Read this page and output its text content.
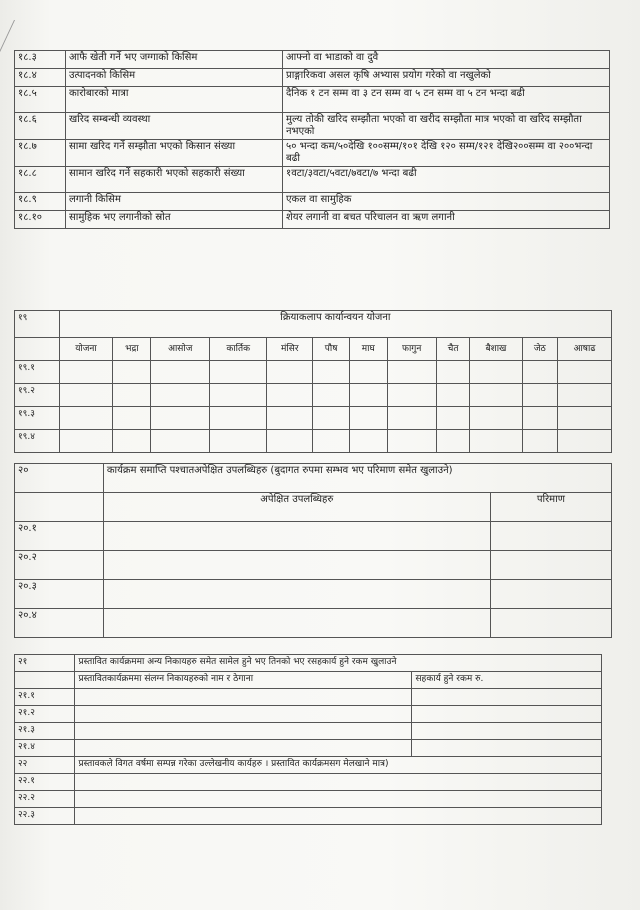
१८.३	आफै खेती गर्ने भए जग्गाको किसिम	आफ्नो वा भाडाको वा दुवै
१८.४	उत्पादनको किसिम	प्राङ्गारिकवा असल कृषि अभ्यास प्रयोग गरेको वा नखुलेको
१८.५	कारोबारको मात्रा	दैनिक १ टन सम्म वा ३ टन सम्म वा ५ टन सम्म वा ५ टन भन्दा बढी
१८.६	खरिद सम्बन्धी व्यवस्था	मुल्य तोकी खरिद सम्झौता भएको वा खरीद सम्झौता मात्र भएको वा खरिद सम्झौता नभएको
१८.७	सामा खरिद गर्ने सम्झौता भएको किसान संख्या	५० भन्दा कम/५०देखि १००सम्म/१०१ देखि १२० सम्म/१२१ देखि२००सम्म वा २००भन्दा बढी
१८.८	सामान खरिद गर्ने सहकारी भएको सहकारी संख्या	१वटा/३वटा/५वटा/७वटा/७ भन्दा बढी
१८.९	लगानी किसिम	एकल वा सामुहिक
१८.१०	सामुहिक भए लगानीको स्रोत	शेयर लगानी वा बचत परिचालन वा ऋण लगानी
१९	क्रियाकलाप कार्यान्वयन योजना											
	योजना	भद्रा	आसोज	कार्तिक	मंसिर	पौष	माघ	फागुन	चैत	बैशाख	जेठ	आषाढ
१९.१												
१९.२												
१९.३												
१९.४												
२०	कार्यक्रम समाप्ति पश्चातअपेक्षित उपलब्धिहरु (बुदागत रुपमा सम्भव भए परिमाण समेत खुलाउने)	
	अपेक्षित उपलब्धिहरु	परिमाण
२०.१		
२०.२		
२०.३		
२०.४		
२१	प्रस्तावित कार्यक्रममा अन्य निकायहरु समेत सामेल हुने भए तिनको भए रसहकार्य हुने रकम खुलाउने	
	प्रस्तावितकार्यक्रममा संलग्न निकायहरुको नाम र ठेगाना	सहकार्य हुने रकम रु.
२१.१		
२१.२		
२१.३		
२१.४		
२२	प्रस्तावकले विगत वर्षमा सम्पन्न गरेका उल्लेखनीय कार्यहरु । प्रस्तावित कार्यक्रमसग मेलखाने मात्र)	
२२.१		
२२.२		
२२.३		
